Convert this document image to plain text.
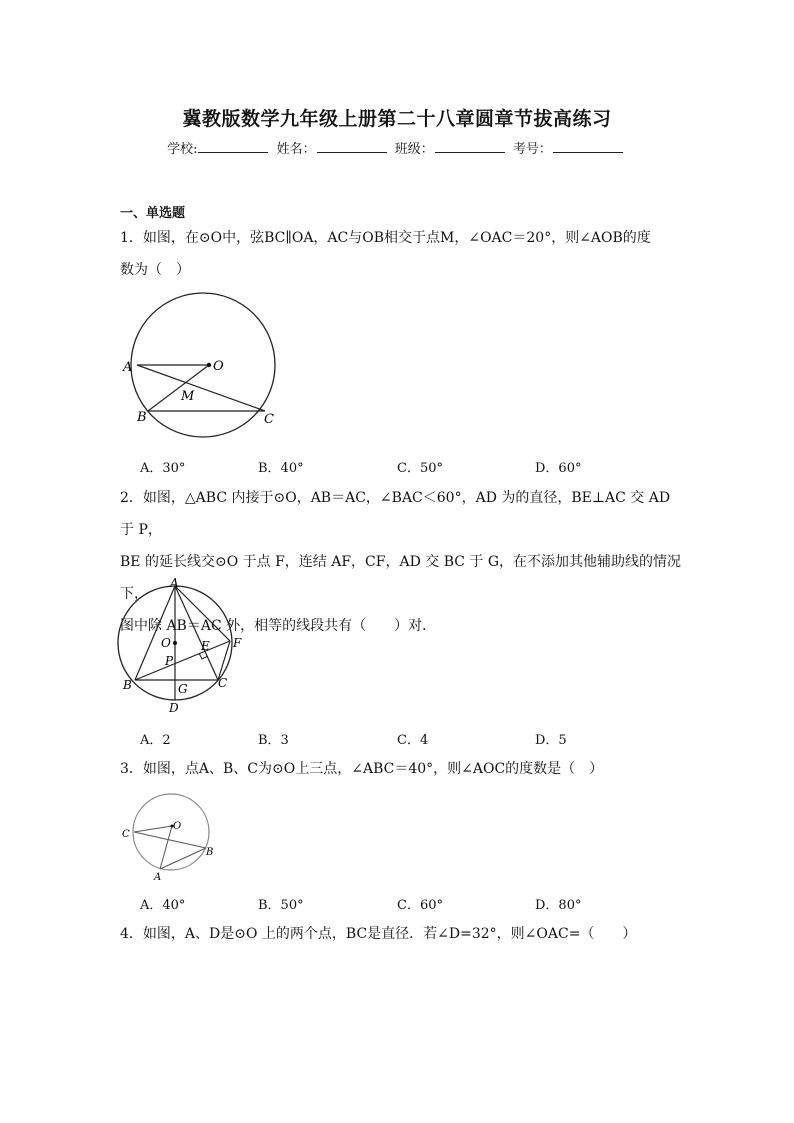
冀教版数学九年级上册第二十八章圆章节拔高练习
学校:	姓名：	班级：	考号：
一、单选题
1．如图，在⊙O中，弦BC∥OA，AC与OB相交于点M，∠OAC＝20°，则∠AOB的度
数为（　）
A	O
M
B	C
A．30°	B．40°	C．50°	D．60°
2．如图，△ABC 内接于⊙O，AB＝AC，∠BAC＜60°，AD 为的直径，BE⊥AC 交 AD 于 P，
BE 的延长线交⊙O 于点 F，连结 AF，CF，AD 交 BC 于 G，在不添加其他辅助线的情况下，
图中除 AB＝AC 外，相等的线段共有（　　）对．
A
O	E F
P
B	G	C
D
A．2	B．3	C．4	D．5
3．如图，点A、B、C为⊙O上三点，∠ABC＝40°，则∠AOC的度数是（　）
C
O
B
A
A．40°	B．50°	C．60°	D．80°
4．如图，A、D是⊙O 上的两个点，BC是直径．若∠D=32°，则∠OAC=（　　）
